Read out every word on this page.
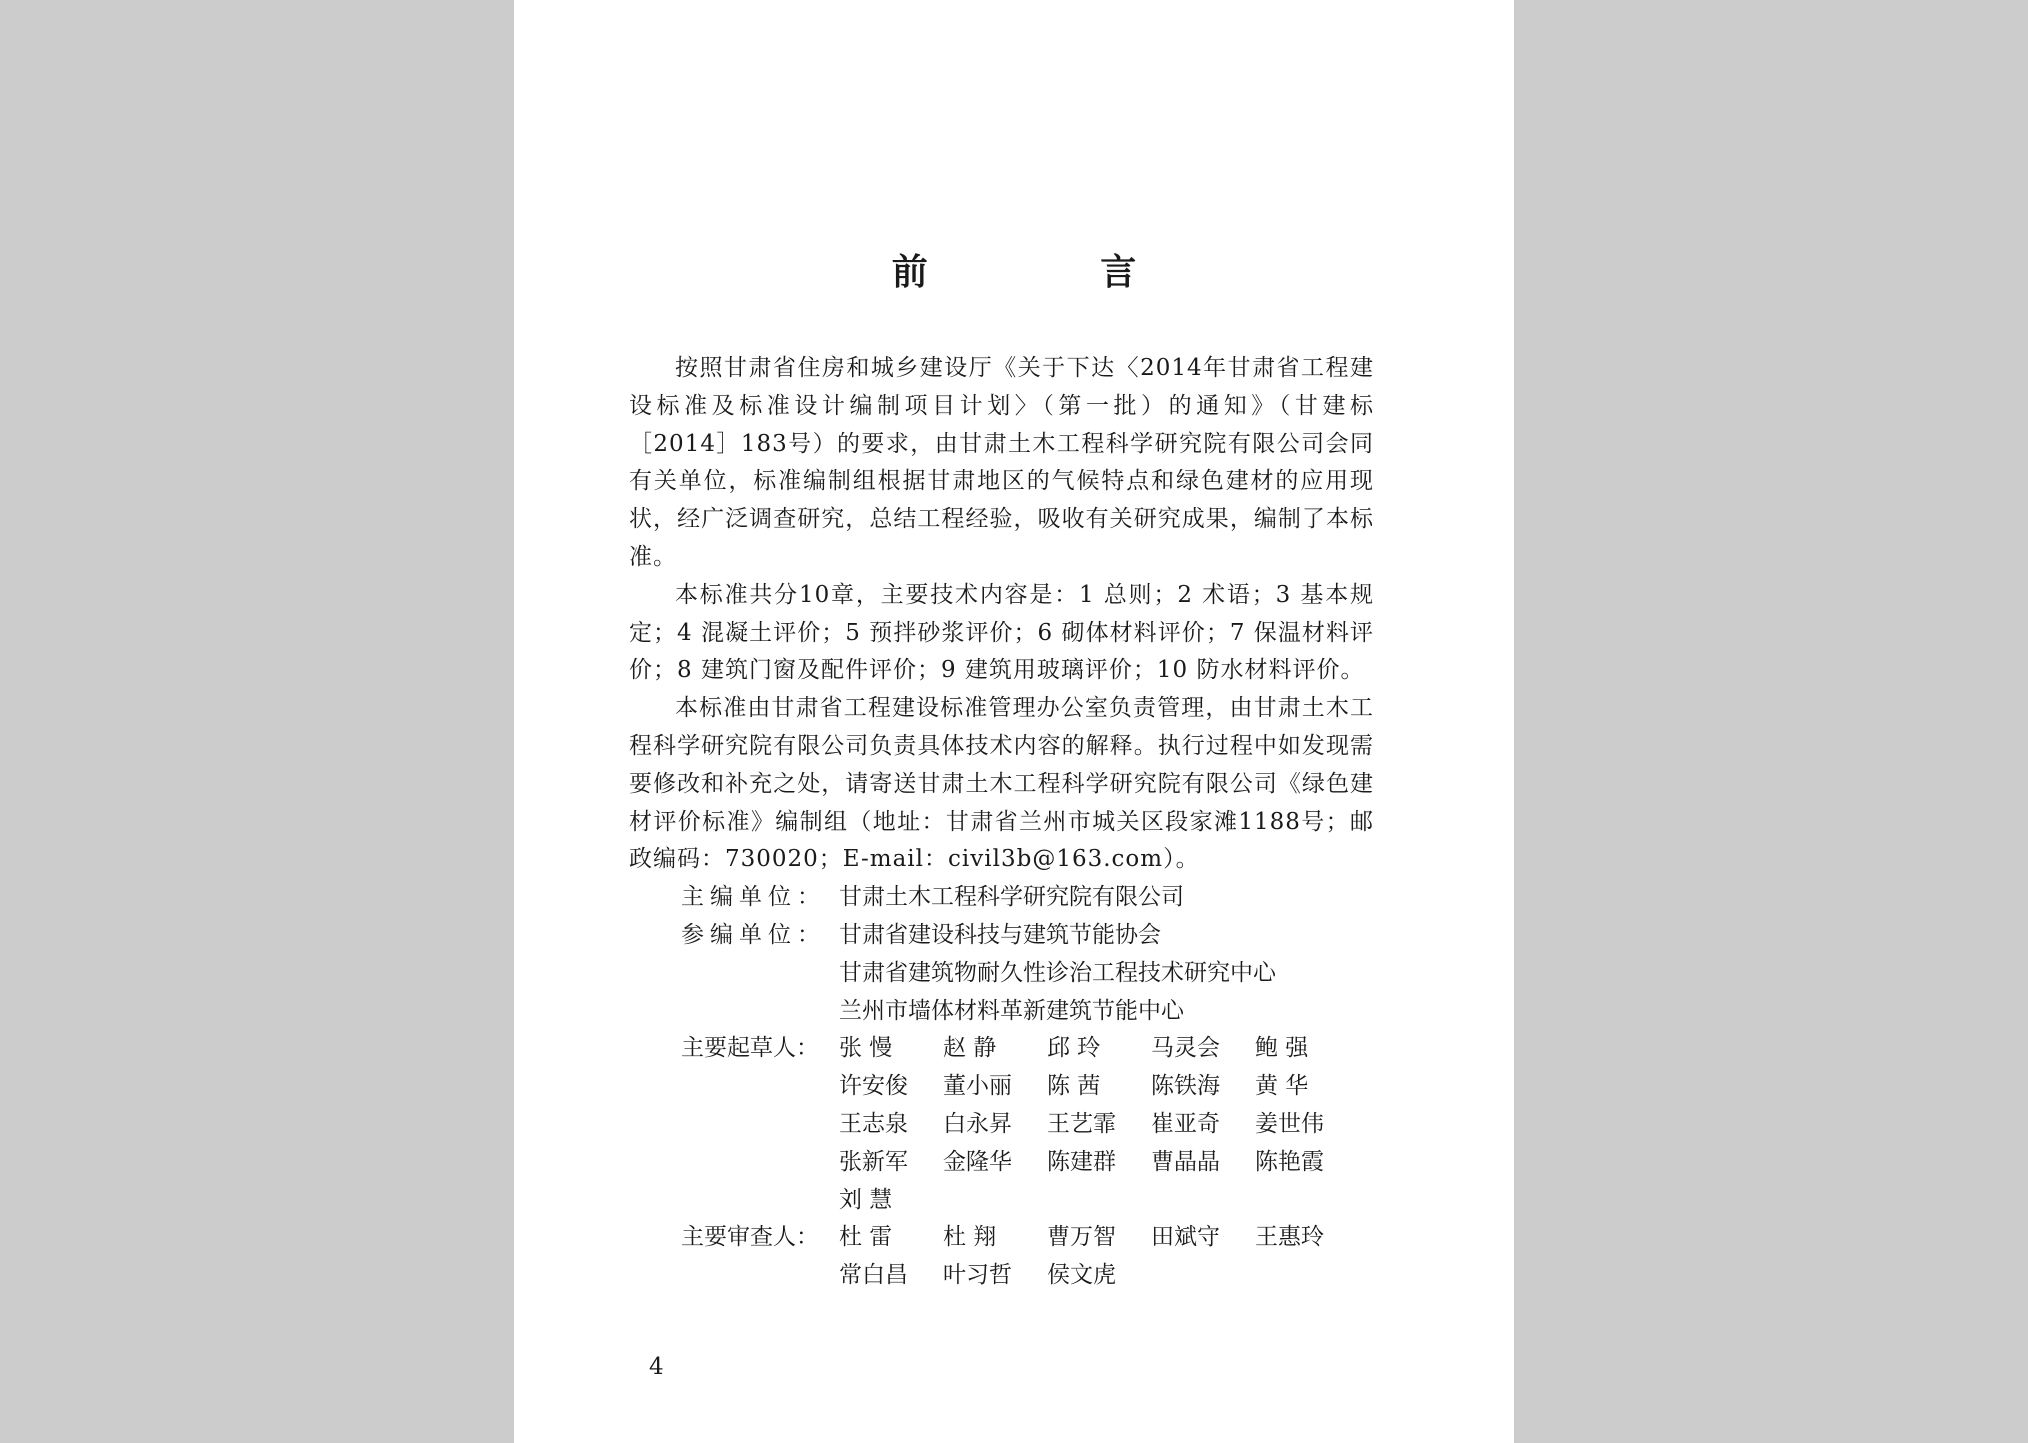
前 言

按照甘肃省住房和城乡建设厅《关于下达〈2014年甘肃省工程建设标准及标准设计编制项目计划〉（第一批）的通知》（甘建标［2014］183号）的要求，由甘肃土木工程科学研究院有限公司会同有关单位，标准编制组根据甘肃地区的气候特点和绿色建材的应用现状，经广泛调查研究，总结工程经验，吸收有关研究成果，编制了本标准。

本标准共分10章，主要技术内容是：1 总则；2 术语；3 基本规定；4 混凝土评价；5 预拌砂浆评价；6 砌体材料评价；7 保温材料评价；8 建筑门窗及配件评价；9 建筑用玻璃评价；10 防水材料评价。

本标准由甘肃省工程建设标准管理办公室负责管理，由甘肃土木工程科学研究院有限公司负责具体技术内容的解释。执行过程中如发现需要修改和补充之处，请寄送甘肃土木工程科学研究院有限公司《绿色建材评价标准》编制组（地址：甘肃省兰州市城关区段家滩1188号；邮政编码：730020；E-mail：civil3b@163.com）。

主编单位： 甘肃土木工程科学研究院有限公司
参编单位： 甘肃省建设科技与建筑节能协会
甘肃省建筑物耐久性诊治工程技术研究中心
兰州市墙体材料革新建筑节能中心
主要起草人： 张 慢	赵 静	邱 玲	马灵会	鲍 强
许安俊	董小丽	陈 茜	陈铁海	黄 华
王志泉	白永昇	王艺霏	崔亚奇	姜世伟
张新军	金隆华	陈建群	曹晶晶	陈艳霞
刘 慧
主要审查人： 杜 雷	杜 翔	曹万智	田斌守	王惠玲
常白昌	叶习哲	侯文虎
4
